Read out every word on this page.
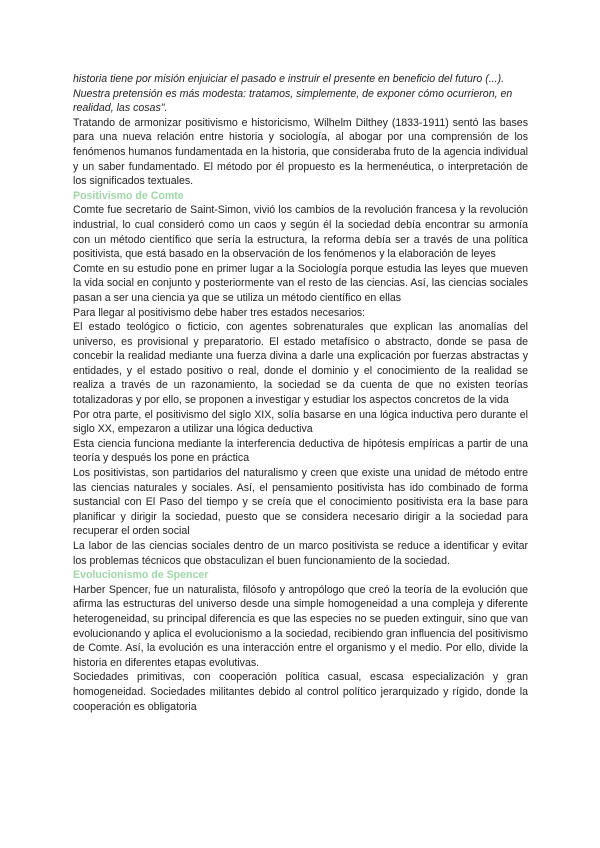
historia tiene por misión enjuiciar el pasado e instruir el presente en beneficio del futuro (...). Nuestra pretensión es más modesta: tratamos, simplemente, de exponer cómo ocurrieron, en realidad, las cosas".

Tratando de armonizar positivismo e historicismo, Wilhelm Dilthey (1833-1911) sentó las bases para una nueva relación entre historia y sociología, al abogar por una comprensión de los fenómenos humanos fundamentada en la historia, que consideraba fruto de la agencia individual y un saber fundamentado. El método por él propuesto es la hermenéutica, o interpretación de los significados textuales.

Positivismo de Comte

Comte fue secretario de Saint-Simon, vivió los cambios de la revolución francesa y la revolución industrial, lo cual consideró como un caos y según él la sociedad debía encontrar su armonía con un método científico que sería la estructura, la reforma debía ser a través de una política positivista, que está basado en la observación de los fenómenos y la elaboración de leyes

Comte en su estudio pone en primer lugar a la Sociología porque estudia las leyes que mueven la vida social en conjunto y posteriormente van el resto de las ciencias. Así, las ciencias sociales pasan a ser una ciencia ya que se utiliza un método científico en ellas

Para llegar al positivismo debe haber tres estados necesarios:

El estado teológico o ficticio, con agentes sobrenaturales que explican las anomalías del universo, es provisional y preparatorio. El estado metafísico o abstracto, donde se pasa de concebir la realidad mediante una fuerza divina a darle una explicación por fuerzas abstractas y entidades, y el estado positivo o real, donde el dominio y el conocimiento de la realidad se realiza a través de un razonamiento, la sociedad se da cuenta de que no existen teorías totalizadoras y por ello, se proponen a investigar y estudiar los aspectos concretos de la vida

Por otra parte, el positivismo del siglo XIX, solía basarse en una lógica inductiva pero durante el siglo XX, empezaron a utilizar una lógica deductiva

Esta ciencia funciona mediante la interferencia deductiva de hipótesis empíricas a partir de una teoría y después los pone en práctica

Los positivistas, son partidarios del naturalismo y creen que existe una unidad de método entre las ciencias naturales y sociales. Así, el pensamiento positivista has ido combinado de forma sustancial con El Paso del tiempo y se creía que el conocimiento positivista era la base para planificar y dirigir la sociedad, puesto que se considera necesario dirigir a la sociedad para recuperar el orden social

La labor de las ciencias sociales dentro de un marco positivista se reduce a identificar y evitar los problemas técnicos que obstaculizan el buen funcionamiento de la sociedad.

Evolucionismo de Spencer

Harber Spencer, fue un naturalista, filósofo y antropólogo que creó la teoría de la evolución que afirma las estructuras del universo desde una simple homogeneidad a una compleja y diferente heterogeneidad, su principal diferencia es que las especies no se pueden extinguir, sino que van evolucionando y aplica el evolucionismo a la sociedad, recibiendo gran influencia del positivismo de Comte. Así, la evolución es una interacción entre el organismo y el medio. Por ello, divide la historia en diferentes etapas evolutivas.

Sociedades primitivas, con cooperación política casual, escasa especialización y gran homogeneidad. Sociedades militantes debido al control político jerarquizado y rígido, donde la cooperación es obligatoria
